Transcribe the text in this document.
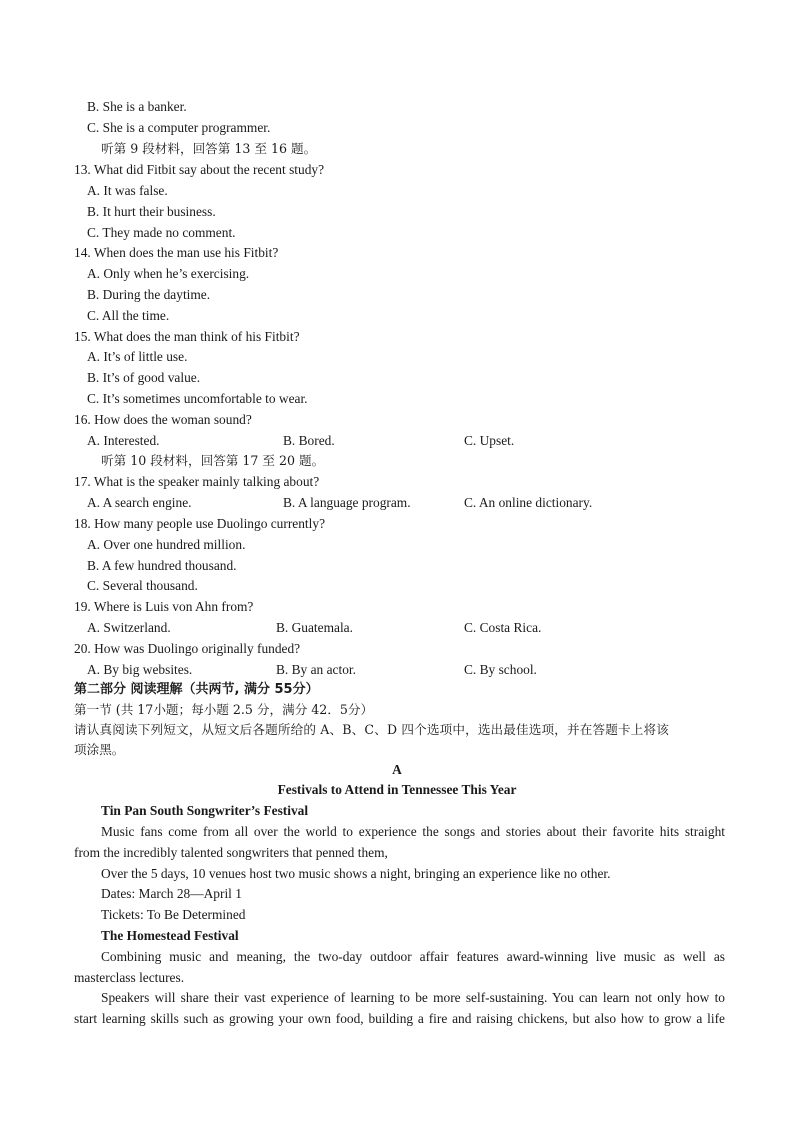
B. She is a banker.
C. She is a computer programmer.
听第 9 段材料，回答第 13 至 16 题。
13. What did Fitbit say about the recent study?
A. It was false.
B. It hurt their business.
C. They made no comment.
14. When does the man use his Fitbit?
A. Only when he’s exercising.
B. During the daytime.
C. All the time.
15. What does the man think of his Fitbit?
A. It’s of little use.
B. It’s of good value.
C. It’s sometimes uncomfortable to wear.
16. How does the woman sound?
A. Interested.	B. Bored.	C. Upset.
听第 10 段材料，回答第 17 至 20 题。
17. What is the speaker mainly talking about?
A. A search engine.	B. A language program.	C. An online dictionary.
18. How many people use Duolingo currently?
A. Over one hundred million.
B. A few hundred thousand.
C. Several thousand.
19. Where is Luis von Ahn from?
A. Switzerland.	B. Guatemala.	C. Costa Rica.
20. How was Duolingo originally funded?
A. By big websites.	B. By an actor.	C. By school.
第二部分 阅读理解（共两节, 满分 55分）
第一节 (共 17小题；每小题 2.5 分，满分 42．5分）
请认真阅读下列短文，从短文后各题所给的 A、B、C、D 四个选项中，选出最佳选项，并在答题卡上将该
项涂黑。
A
Festivals to Attend in Tennessee This Year
Tin Pan South Songwriter’s Festival
Music fans come from all over the world to experience the songs and stories about their favorite hits straight
from the incredibly talented songwriters that penned them,
Over the 5 days, 10 venues host two music shows a night, bringing an experience like no other.
Dates: March 28—April 1
Tickets: To Be Determined
The Homestead Festival
Combining music and meaning, the two-day outdoor affair features award-winning live music as well as
masterclass lectures.
Speakers will share their vast experience of learning to be more self-sustaining. You can learn not only how to
start learning skills such as growing your own food, building a fire and raising chickens, but also how to grow a life
